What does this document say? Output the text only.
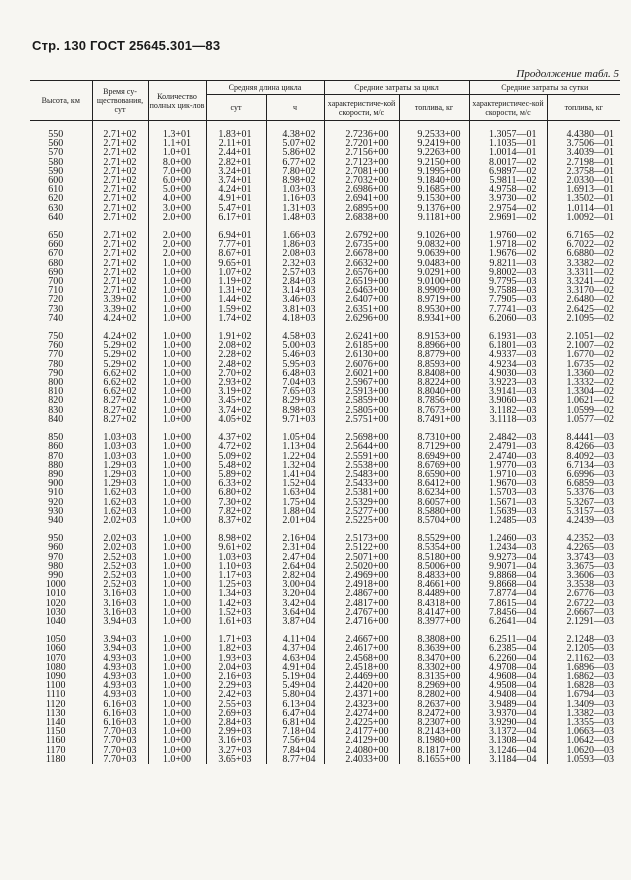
Стр. 130 ГОСТ 25645.301—83
Продолжение табл. 5
Высота, км	Время су-ществования, сут	Количество полных цик-лов	Средняя длина цикла		Средние затраты за цикл		Средние затраты за сутки	
			сут	ч	характеристиче-кой скорости, м/с	топлива, кг	характеристичес-кой скорости, м/с	топлива, кг
550	2.71+02	1.3+01	1.83+01	4.38+02	2.7236+00	9.2533+00	1.3057—01	4.4380—01
560	2.71+02	1.1+01	2.11+01	5.07+02	2.7201+00	9.2419+00	1.1035—01	3.7506—01
570	2.71+02	1.0+01	2.44+01	5.86+02	2.7156+00	9.2263+00	1.0014—01	3.4039—01
580	2.71+02	8.0+00	2.82+01	6.77+02	2.7123+00	9.2150+00	8.0017—02	2.7198—01
590	2.71+02	7.0+00	3.24+01	7.80+02	2.7081+00	9.1995+00	6.9897—02	2.3758—01
600	2.71+02	6.0+00	3.74+01	8.98+02	2.7032+00	9.1840+00	5.9811—02	2.0330—01
610	2.71+02	5.0+00	4.24+01	1.03+03	2.6986+00	9.1685+00	4.9758—02	1.6913—01
620	2.71+02	4.0+00	4.91+01	1.16+03	2.6941+00	9.1530+00	3.9730—02	1.3502—01
630	2.71+02	3.0+00	5.47+01	1.31+03	2.6895+00	9.1376+00	2.9754—02	1.0114—01
640	2.71+02	2.0+00	6.17+01	1.48+03	2.6838+00	9.1181+00	2.9691—02	1.0092—01
650	2.71+02	2.0+00	6.94+01	1.66+03	2.6792+00	9.1026+00	1.9760—02	6.7165—02
660	2.71+02	2.0+00	7.77+01	1.86+03	2.6735+00	9.0832+00	1.9718—02	6.7022—02
670	2.71+02	2.0+00	8.67+01	2.08+03	2.6678+00	9.0639+00	1.9676—02	6.6880—02
680	2.71+02	1.0+00	9.65+01	2.32+03	2.6632+00	9.0483+00	9.8211—03	3.3382—02
690	2.71+02	1.0+00	1.07+02	2.57+03	2.6576+00	9.0291+00	9.8002—03	3.3311—02
700	2.71+02	1.0+00	1.19+02	2.84+03	2.6519+00	9.0100+00	9.7795—03	3.3241—02
710	2.71+02	1.0+00	1.31+02	3.14+03	2.6463+00	8.9909+00	9.7588—03	3.3170—02
720	3.39+02	1.0+00	1.44+02	3.46+03	2.6407+00	8.9719+00	7.7905—03	2.6480—02
730	3.39+02	1.0+00	1.59+02	3.81+03	2.6351+00	8.9530+00	7.7741—03	2.6425—02
740	4.24+02	1.0+00	1.74+02	4.18+03	2.6296+00	8.9341+00	6.2060—03	2.1095—02
750	4.24+02	1.0+00	1.91+02	4.58+03	2.6241+00	8.9153+00	6.1931—03	2.1051—02
760	5.29+02	1.0+00	2.08+02	5.00+03	2.6185+00	8.8966+00	6.1801—03	2.1007—02
770	5.29+02	1.0+00	2.28+02	5.46+03	2.6130+00	8.8779+00	4.9337—03	1.6770—02
780	5.29+02	1.0+00	2.48+02	5.95+03	2.6076+00	8.8593+00	4.9234—03	1.6735—02
790	6.62+02	1.0+00	2.70+02	6.48+03	2.6021+00	8.8408+00	4.9030—03	1.3360—02
800	6.62+02	1.0+00	2.93+02	7.04+03	2.5967+00	8.8224+00	3.9223—03	1.3332—02
810	6.62+02	1.0+00	3.19+02	7.65+03	2.5913+00	8.8040+00	3.9141—03	1.3304—02
820	8.27+02	1.0+00	3.45+02	8.29+03	2.5859+00	8.7856+00	3.9060—03	1.0621—02
830	8.27+02	1.0+00	3.74+02	8.98+03	2.5805+00	8.7673+00	3.1182—03	1.0599—02
840	8.27+02	1.0+00	4.05+02	9.71+03	2.5751+00	8.7491+00	3.1118—03	1.0577—02
850	1.03+03	1.0+00	4.37+02	1.05+04	2.5698+00	8.7310+00	2.4842—03	8.4441—03
860	1.03+03	1.0+00	4.72+02	1.13+04	2.5644+00	8.7129+00	2.4791—03	8.4266—03
870	1.03+03	1.0+00	5.09+02	1.22+04	2.5591+00	8.6949+00	2.4740—03	8.4092—03
880	1.29+03	1.0+00	5.48+02	1.32+04	2.5538+00	8.6769+00	1.9770—03	6.7134—03
890	1.29+03	1.0+00	5.89+02	1.41+04	2.5483+00	8.6590+00	1.9710—03	6.6996—03
900	1.29+03	1.0+00	6.33+02	1.52+04	2.5433+00	8.6412+00	1.9670—03	6.6859—03
910	1.62+03	1.0+00	6.80+02	1.63+04	2.5381+00	8.6234+00	1.5703—03	5.3376—03
920	1.62+03	1.0+00	7.30+02	1.75+04	2.5329+00	8.6057+00	1.5671—03	5.3267—03
930	1.62+03	1.0+00	7.82+02	1.88+04	2.5277+00	8.5880+00	1.5639—03	5.3157—03
940	2.02+03	1.0+00	8.37+02	2.01+04	2.5225+00	8.5704+00	1.2485—03	4.2439—03
950	2.02+03	1.0+00	8.98+02	2.16+04	2.5173+00	8.5529+00	1.2460—03	4.2352—03
960	2.02+03	1.0+00	9.61+02	2.31+04	2.5122+00	8.5354+00	1.2434—03	4.2265—03
970	2.52+03	1.0+00	1.03+03	2.47+04	2.5071+00	8.5180+00	9.9273—04	3.3743—03
980	2.52+03	1.0+00	1.10+03	2.64+04	2.5020+00	8.5006+00	9.9071—04	3.3675—03
990	2.52+03	1.0+00	1.17+03	2.82+04	2.4969+00	8.4833+00	9.8868—04	3.3606—03
1000	2.52+03	1.0+00	1.25+03	3.00+04	2.4918+00	8.4661+00	9.8668—04	3.3538—03
1010	3.16+03	1.0+00	1.34+03	3.20+04	2.4867+00	8.4489+00	7.8774—04	2.6776—03
1020	3.16+03	1.0+00	1.42+03	3.42+04	2.4817+00	8.4318+00	7.8615—04	2.6722—03
1030	3.16+03	1.0+00	1.52+03	3.64+04	2.4767+00	8.4147+00	7.8456—04	2.6667—03
1040	3.94+03	1.0+00	1.61+03	3.87+04	2.4716+00	8.3977+00	6.2641—04	2.1291—03
1050	3.94+03	1.0+00	1.71+03	4.11+04	2.4667+00	8.3808+00	6.2511—04	2.1248—03
1060	3.94+03	1.0+00	1.82+03	4.37+04	2.4617+00	8.3639+00	6.2385—04	2.1205—03
1070	4.93+03	1.0+00	1.93+03	4.63+04	2.4568+00	8.3470+00	6.2260—04	2.1162—03
1080	4.93+03	1.0+00	2.04+03	4.91+04	2.4518+00	8.3302+00	4.9708—04	1.6896—03
1090	4.93+03	1.0+00	2.16+03	5.19+04	2.4469+00	8.3135+00	4.9608—04	1.6862—03
1100	4.93+03	1.0+00	2.29+03	5.49+04	2.4420+00	8.2969+00	4.9508—04	1.6828—03
1110	4.93+03	1.0+00	2.42+03	5.80+04	2.4371+00	8.2802+00	4.9408—04	1.6794—03
1120	6.16+03	1.0+00	2.55+03	6.13+04	2.4323+00	8.2637+00	3.9489—04	1.3409—03
1130	6.16+03	1.0+00	2.69+03	6.47+04	2.4274+00	8.2472+00	3.9370—04	1.3382—03
1140	6.16+03	1.0+00	2.84+03	6.81+04	2.4225+00	8.2307+00	3.9290—04	1.3355—03
1150	7.70+03	1.0+00	2.99+03	7.18+04	2.4177+00	8.2143+00	3.1372—04	1.0663—03
1160	7.70+03	1.0+00	3.16+03	7.56+04	2.4129+00	8.1980+00	3.1308—04	1.0642—03
1170	7.70+03	1.0+00	3.27+03	7.84+04	2.4080+00	8.1817+00	3.1246—04	1.0620—03
1180	7.70+03	1.0+00	3.65+03	8.77+04	2.4033+00	8.1655+00	3.1184—04	1.0593—03
